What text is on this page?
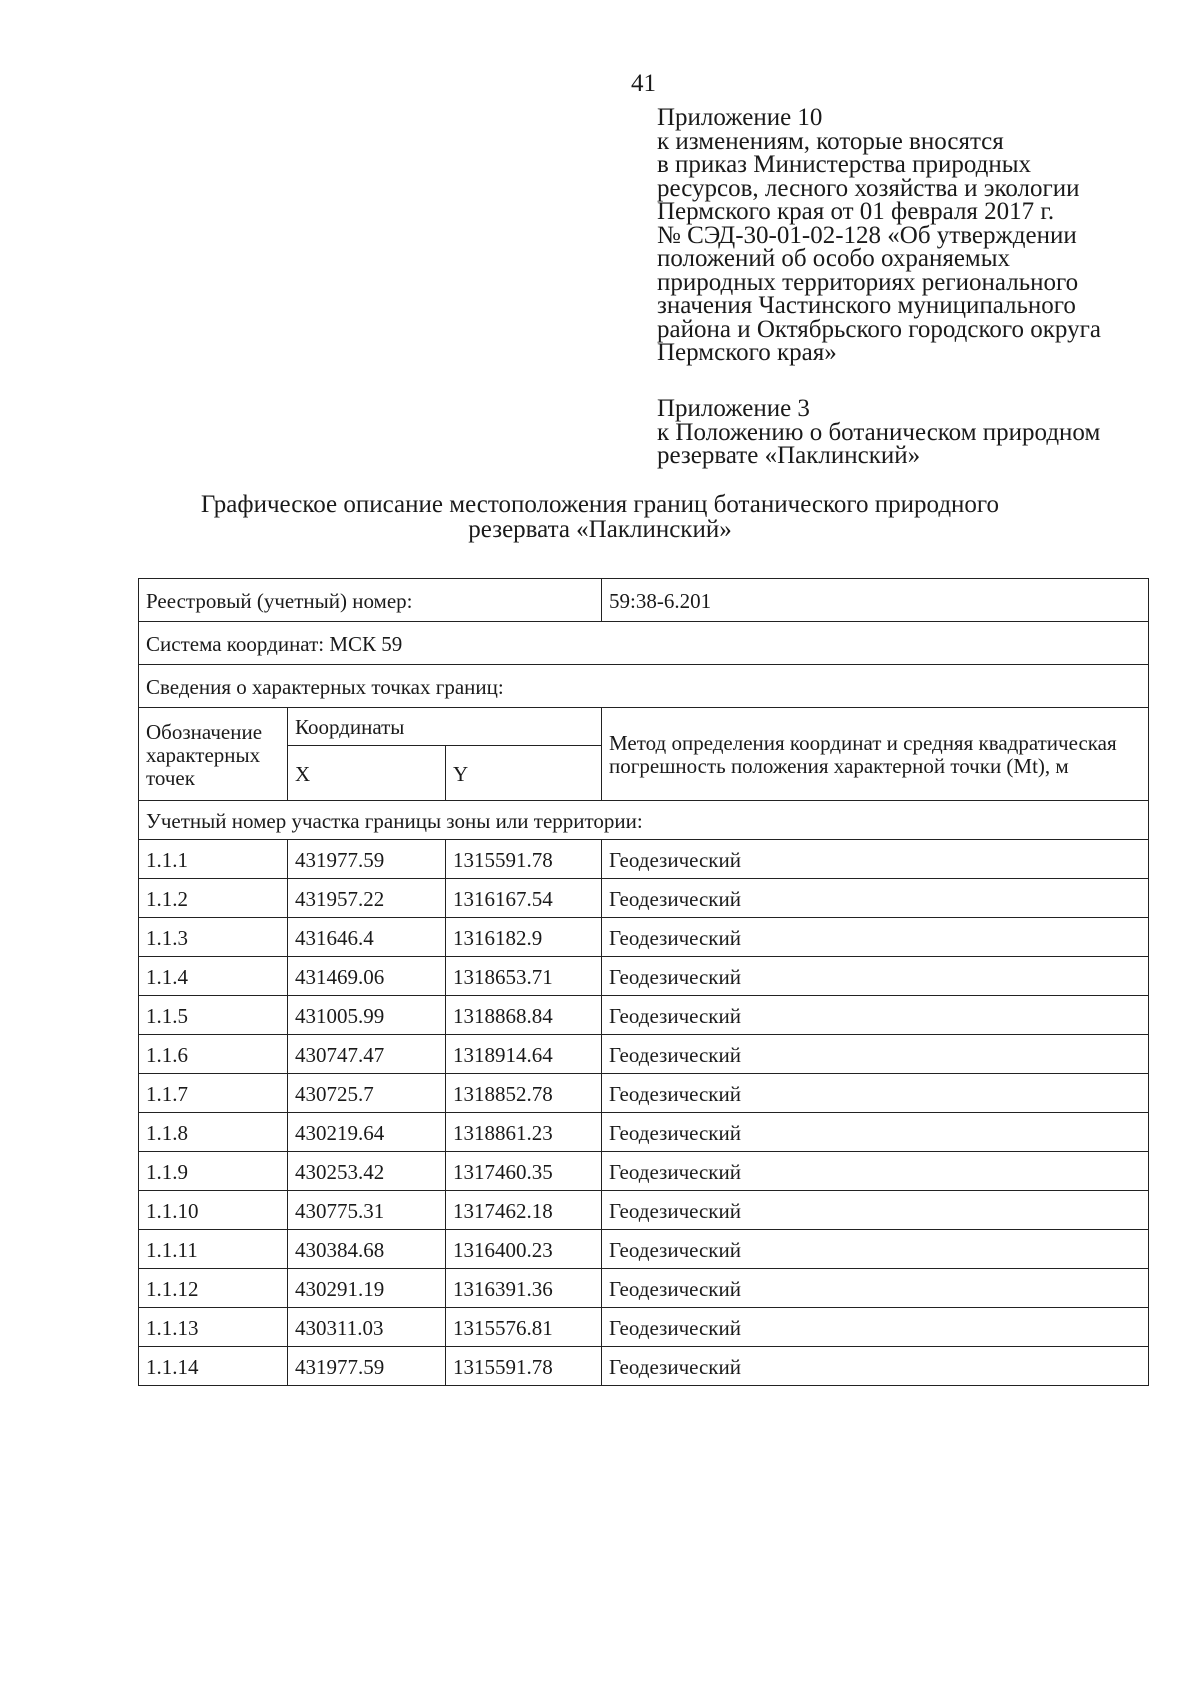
41
Приложение 10
к изменениям, которые вносятся
в приказ Министерства природных
ресурсов, лесного хозяйства и экологии
Пермского края от 01 февраля 2017 г.
№ СЭД-30-01-02-128 «Об утверждении
положений об особо охраняемых
природных территориях регионального
значения Частинского муниципального
района и Октябрьского городского округа
Пермского края»
Приложение 3
к Положению о ботаническом природном
резервате «Паклинский»
Графическое описание местоположения границ ботанического природного
резервата «Паклинский»
Реестровый (учетный) номер:			59:38-6.201
Система координат: МСК 59			
Сведения о характерных точках границ:			
Обозначение характерных точек	Координаты		Метод определения координат и средняя квадратическая погрешность положения характерной точки (Mt), м
	X	Y	
Учетный номер участка границы зоны или территории:			
1.1.1	431977.59	1315591.78	Геодезический
1.1.2	431957.22	1316167.54	Геодезический
1.1.3	431646.4	1316182.9	Геодезический
1.1.4	431469.06	1318653.71	Геодезический
1.1.5	431005.99	1318868.84	Геодезический
1.1.6	430747.47	1318914.64	Геодезический
1.1.7	430725.7	1318852.78	Геодезический
1.1.8	430219.64	1318861.23	Геодезический
1.1.9	430253.42	1317460.35	Геодезический
1.1.10	430775.31	1317462.18	Геодезический
1.1.11	430384.68	1316400.23	Геодезический
1.1.12	430291.19	1316391.36	Геодезический
1.1.13	430311.03	1315576.81	Геодезический
1.1.14	431977.59	1315591.78	Геодезический
